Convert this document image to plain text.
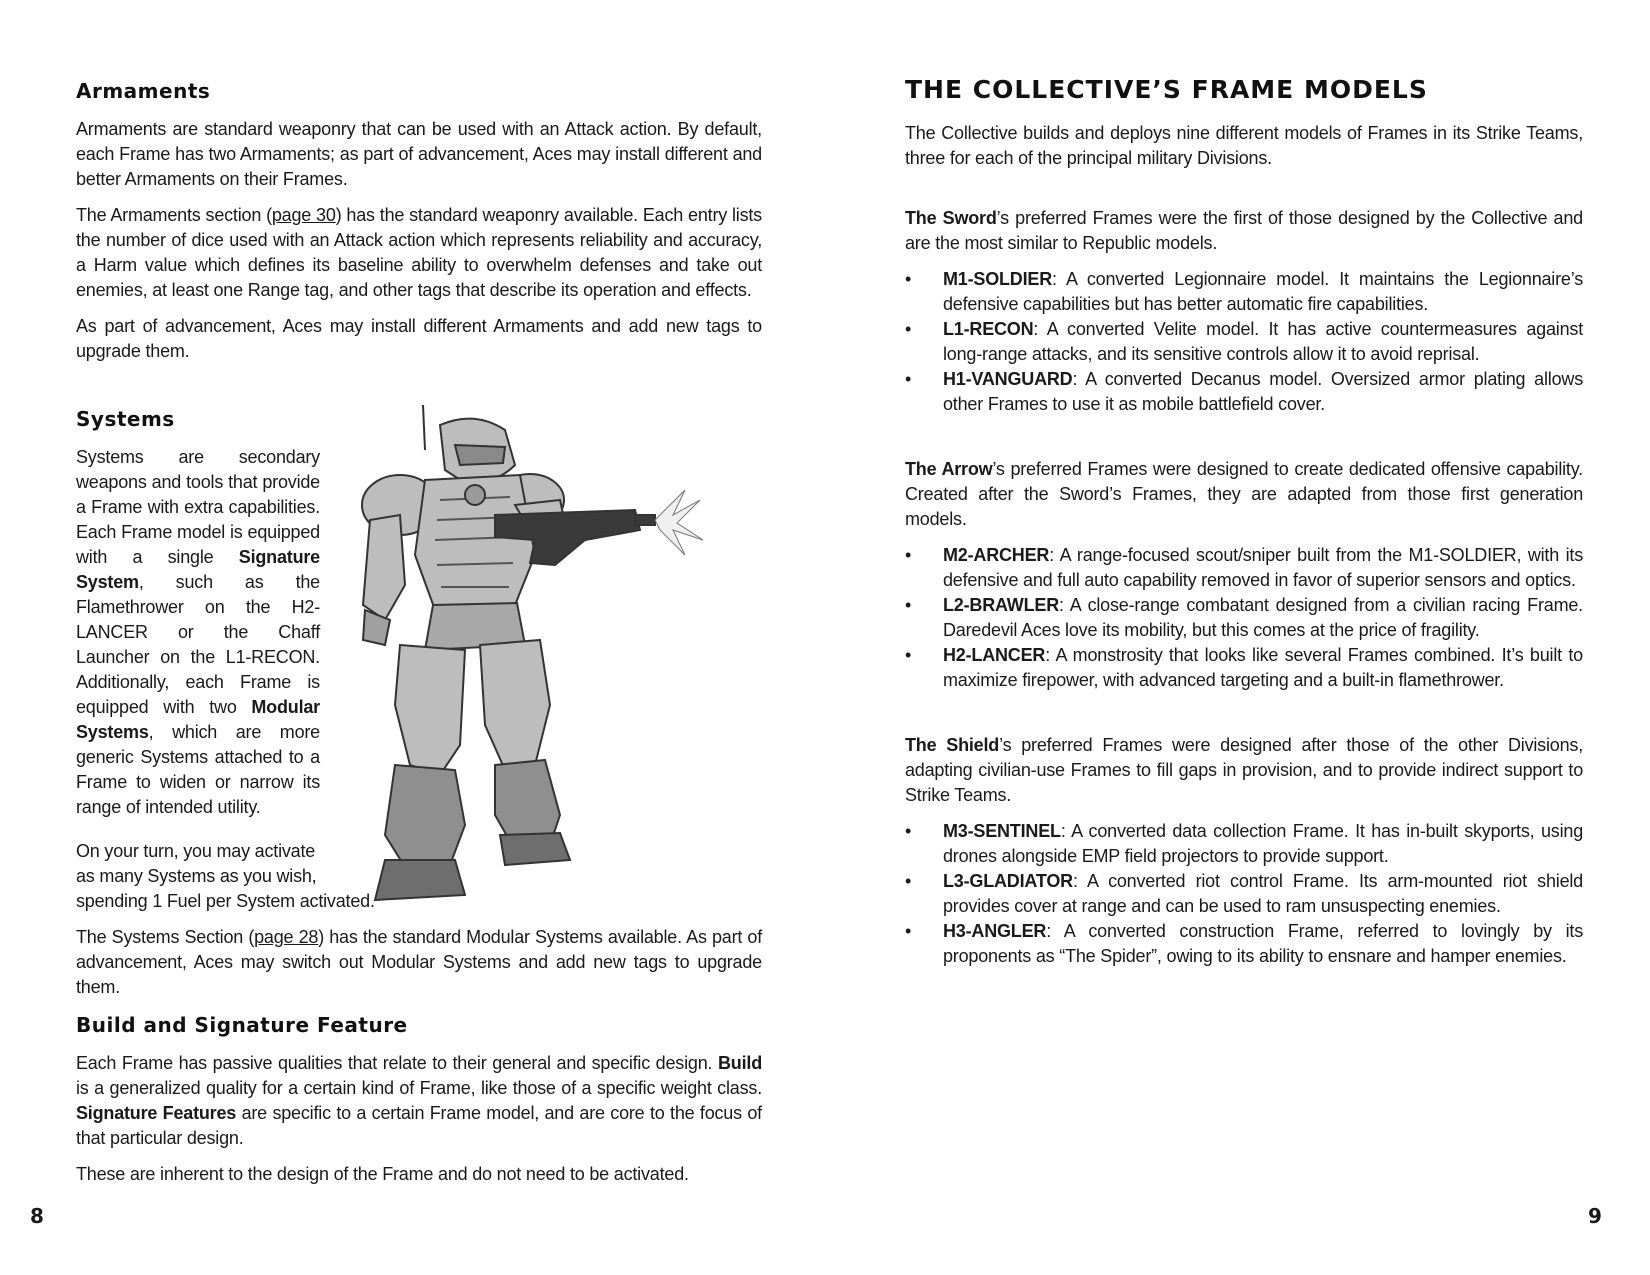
Armaments

Armaments are standard weaponry that can be used with an Attack action. By default, each Frame has two Armaments; as part of advancement, Aces may install different and better Armaments on their Frames.

The Armaments section (page 30) has the standard weaponry available. Each entry lists the number of dice used with an Attack action which represents reliability and accuracy, a Harm value which defines its baseline ability to overwhelm defenses and take out enemies, at least one Range tag, and other tags that describe its operation and effects.

As part of advancement, Aces may install different Armaments and add new tags to upgrade them.

Systems

Systems are secondary weapons and tools that provide a Frame with extra capabilities. Each Frame model is equipped with a single Signature System, such as the Flamethrower on the H2-LANCER or the Chaff Launcher on the L1-RECON. Additionally, each Frame is equipped with two Modular Systems, which are more generic Systems attached to a Frame to widen or narrow its range of intended utility.

On your turn, you may activate
as many Systems as you wish,
spending 1 Fuel per System activated.

The Systems Section (page 28) has the standard Modular Systems available. As part of advancement, Aces may switch out Modular Systems and add new tags to upgrade them.

Build and Signature Feature

Each Frame has passive qualities that relate to their general and specific design. Build is a generalized quality for a certain kind of Frame, like those of a specific weight class. Signature Features are specific to a certain Frame model, and are core to the focus of that particular design.

These are inherent to the design of the Frame and do not need to be activated.

8
THE COLLECTIVE’S FRAME MODELS

The Collective builds and deploys nine different models of Frames in its Strike Teams, three for each of the principal military Divisions.

The Sword’s preferred Frames were the first of those designed by the Collective and are the most similar to Republic models.

• M1-SOLDIER: A converted Legionnaire model. It maintains the Legionnaire’s defensive capabilities but has better automatic fire capabilities.
• L1-RECON: A converted Velite model. It has active countermeasures against long-range attacks, and its sensitive controls allow it to avoid reprisal.
• H1-VANGUARD: A converted Decanus model. Oversized armor plating allows other Frames to use it as mobile battlefield cover.

The Arrow’s preferred Frames were designed to create dedicated offensive capability. Created after the Sword’s Frames, they are adapted from those first generation models.

• M2-ARCHER: A range-focused scout/sniper built from the M1-SOLDIER, with its defensive and full auto capability removed in favor of superior sensors and optics.
• L2-BRAWLER: A close-range combatant designed from a civilian racing Frame. Daredevil Aces love its mobility, but this comes at the price of fragility.
• H2-LANCER: A monstrosity that looks like several Frames combined. It’s built to maximize firepower, with advanced targeting and a built-in flamethrower.

The Shield’s preferred Frames were designed after those of the other Divisions, adapting civilian-use Frames to fill gaps in provision, and to provide indirect support to Strike Teams.

• M3-SENTINEL: A converted data collection Frame. It has in-built skyports, using drones alongside EMP field projectors to provide support.
• L3-GLADIATOR: A converted riot control Frame. Its arm-mounted riot shield provides cover at range and can be used to ram unsuspecting enemies.
• H3-ANGLER: A converted construction Frame, referred to lovingly by its proponents as “The Spider”, owing to its ability to ensnare and hamper enemies.
9
